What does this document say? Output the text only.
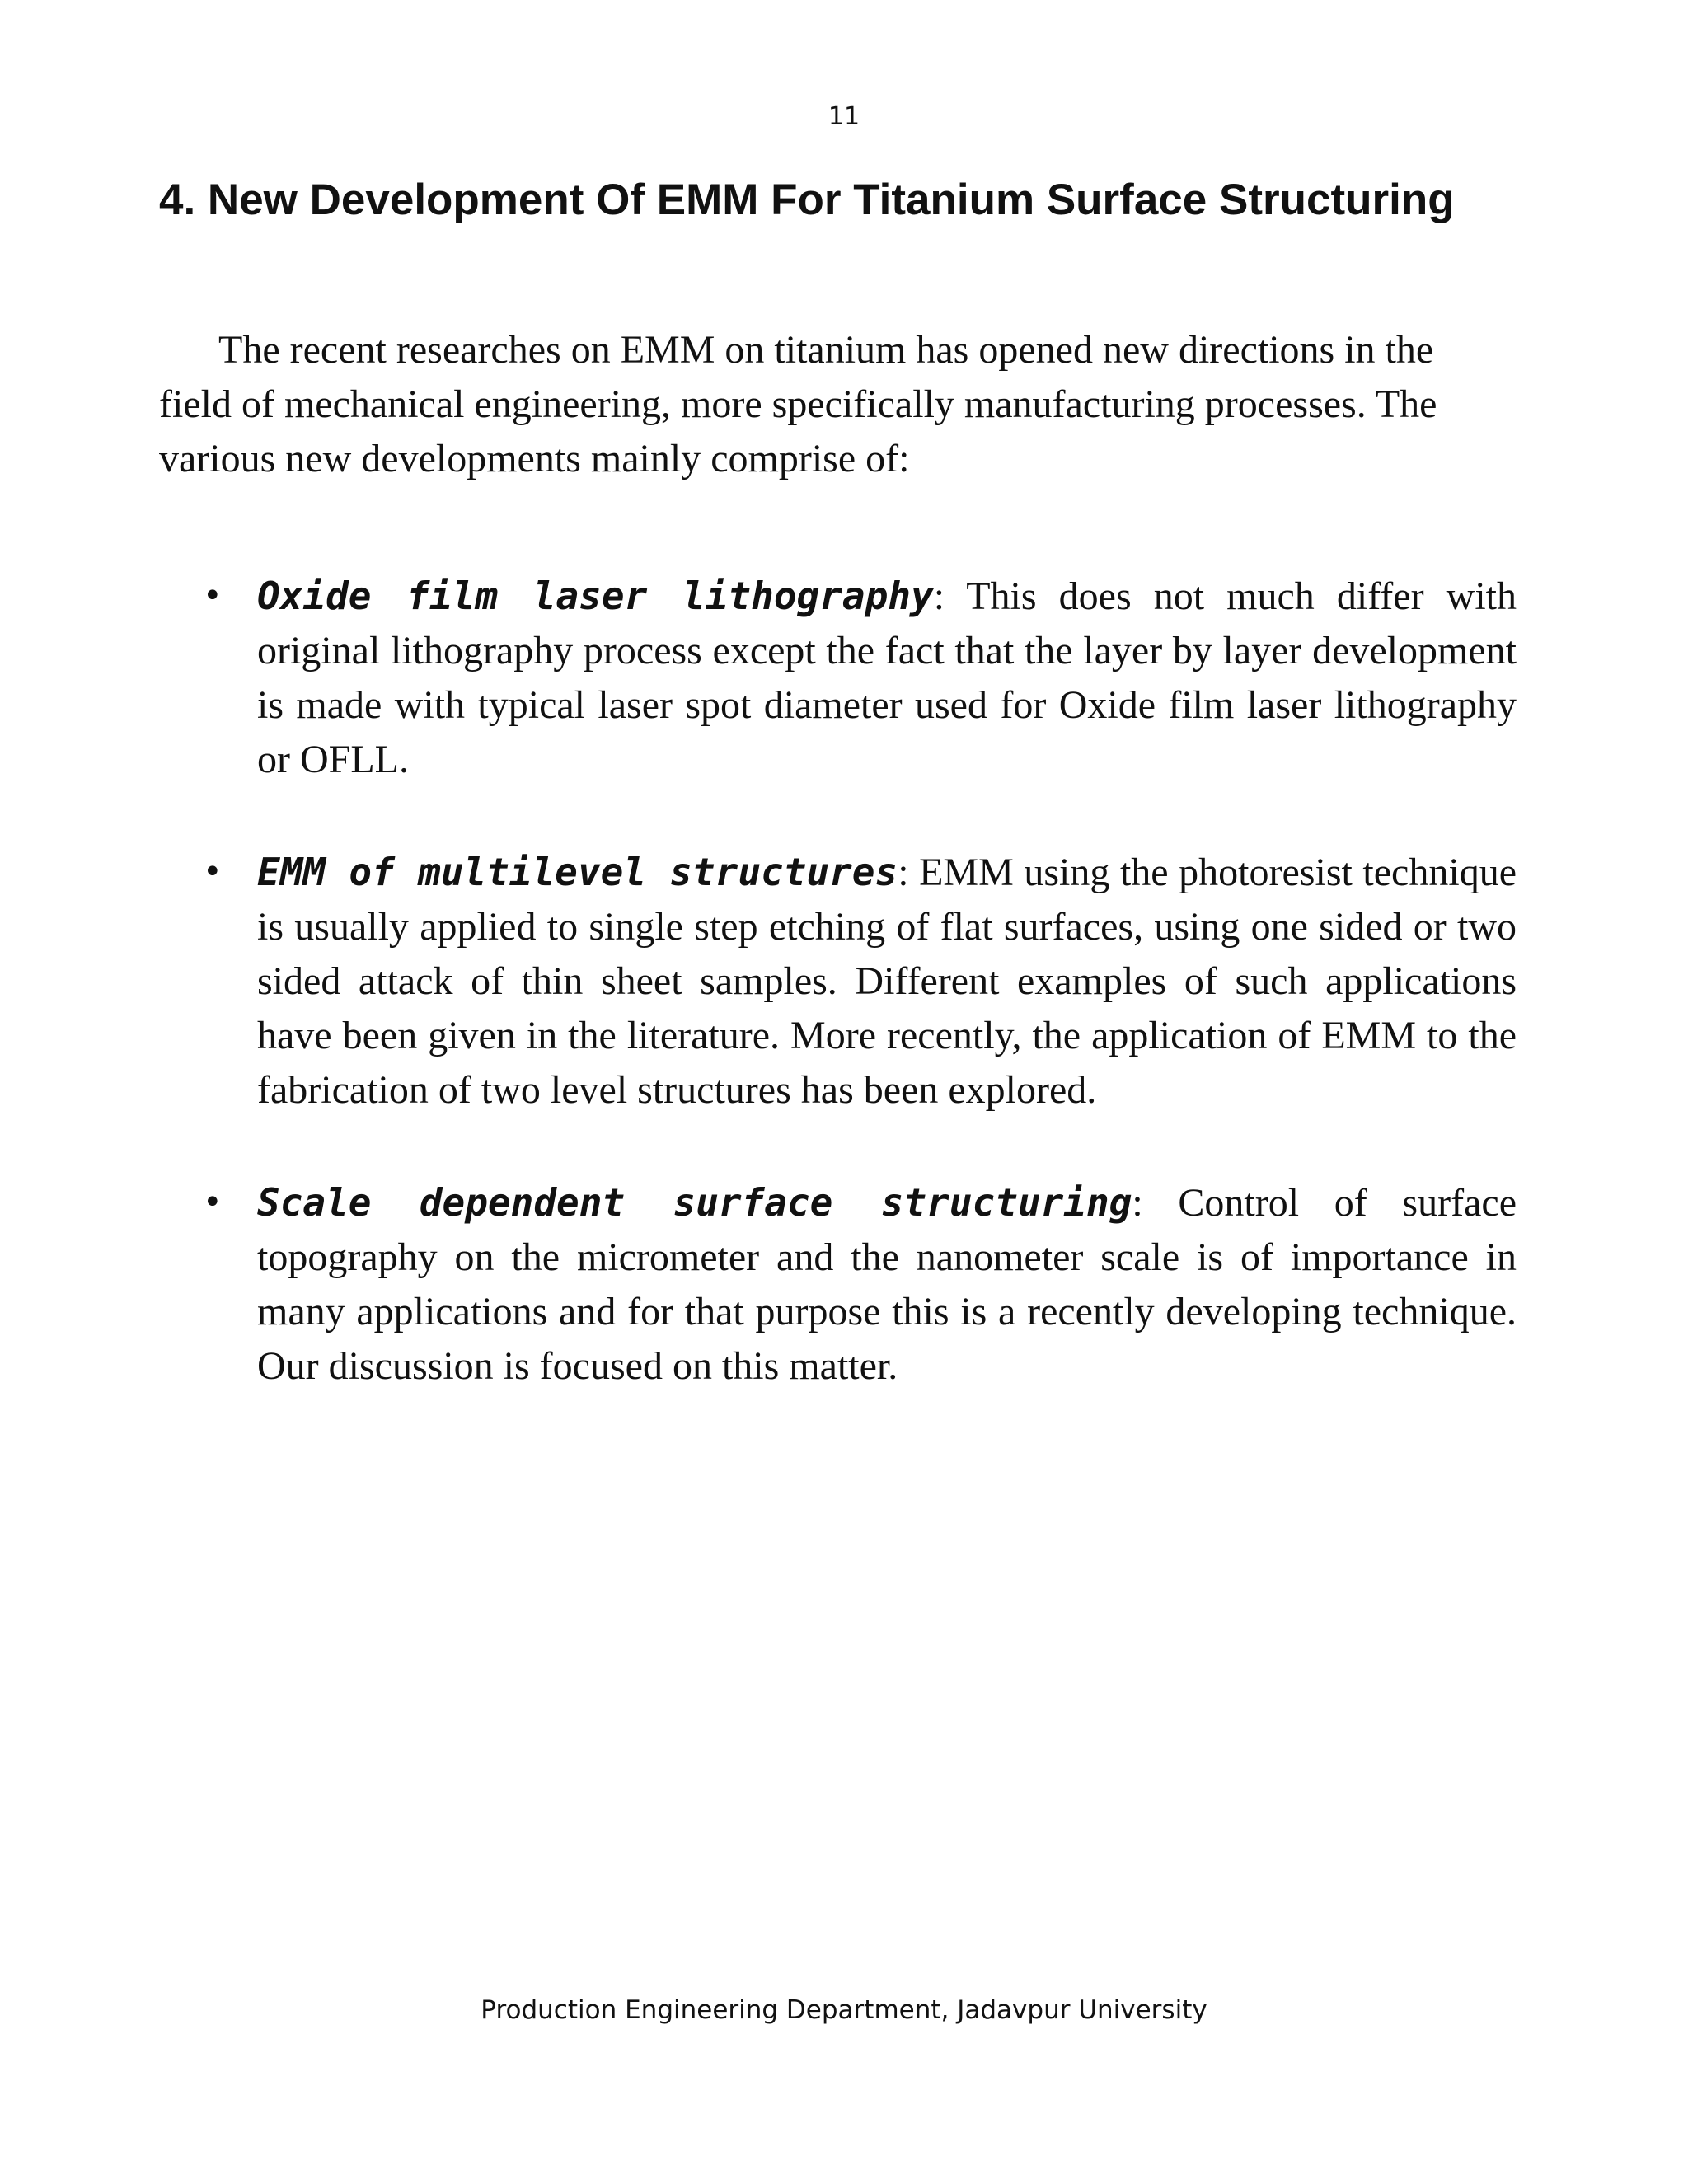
11
4. New Development Of EMM For Titanium Surface Structuring

The recent researches on EMM on titanium has opened new directions in the field of mechanical engineering, more specifically manufacturing processes. The various new developments mainly comprise of:

• Oxide film laser lithography: This does not much differ with original lithography process except the fact that the layer by layer development is made with typical laser spot diameter used for Oxide film laser lithography or OFLL.
• EMM of multilevel structures: EMM using the photoresist technique is usually applied to single step etching of flat surfaces, using one sided or two sided attack of thin sheet samples. Different examples of such applications have been given in the literature. More recently, the application of EMM to the fabrication of two level structures has been explored.
• Scale dependent surface structuring: Control of surface topography on the micrometer and the nanometer scale is of importance in many applications and for that purpose this is a recently developing technique. Our discussion is focused on this matter.
Production Engineering Department, Jadavpur University
